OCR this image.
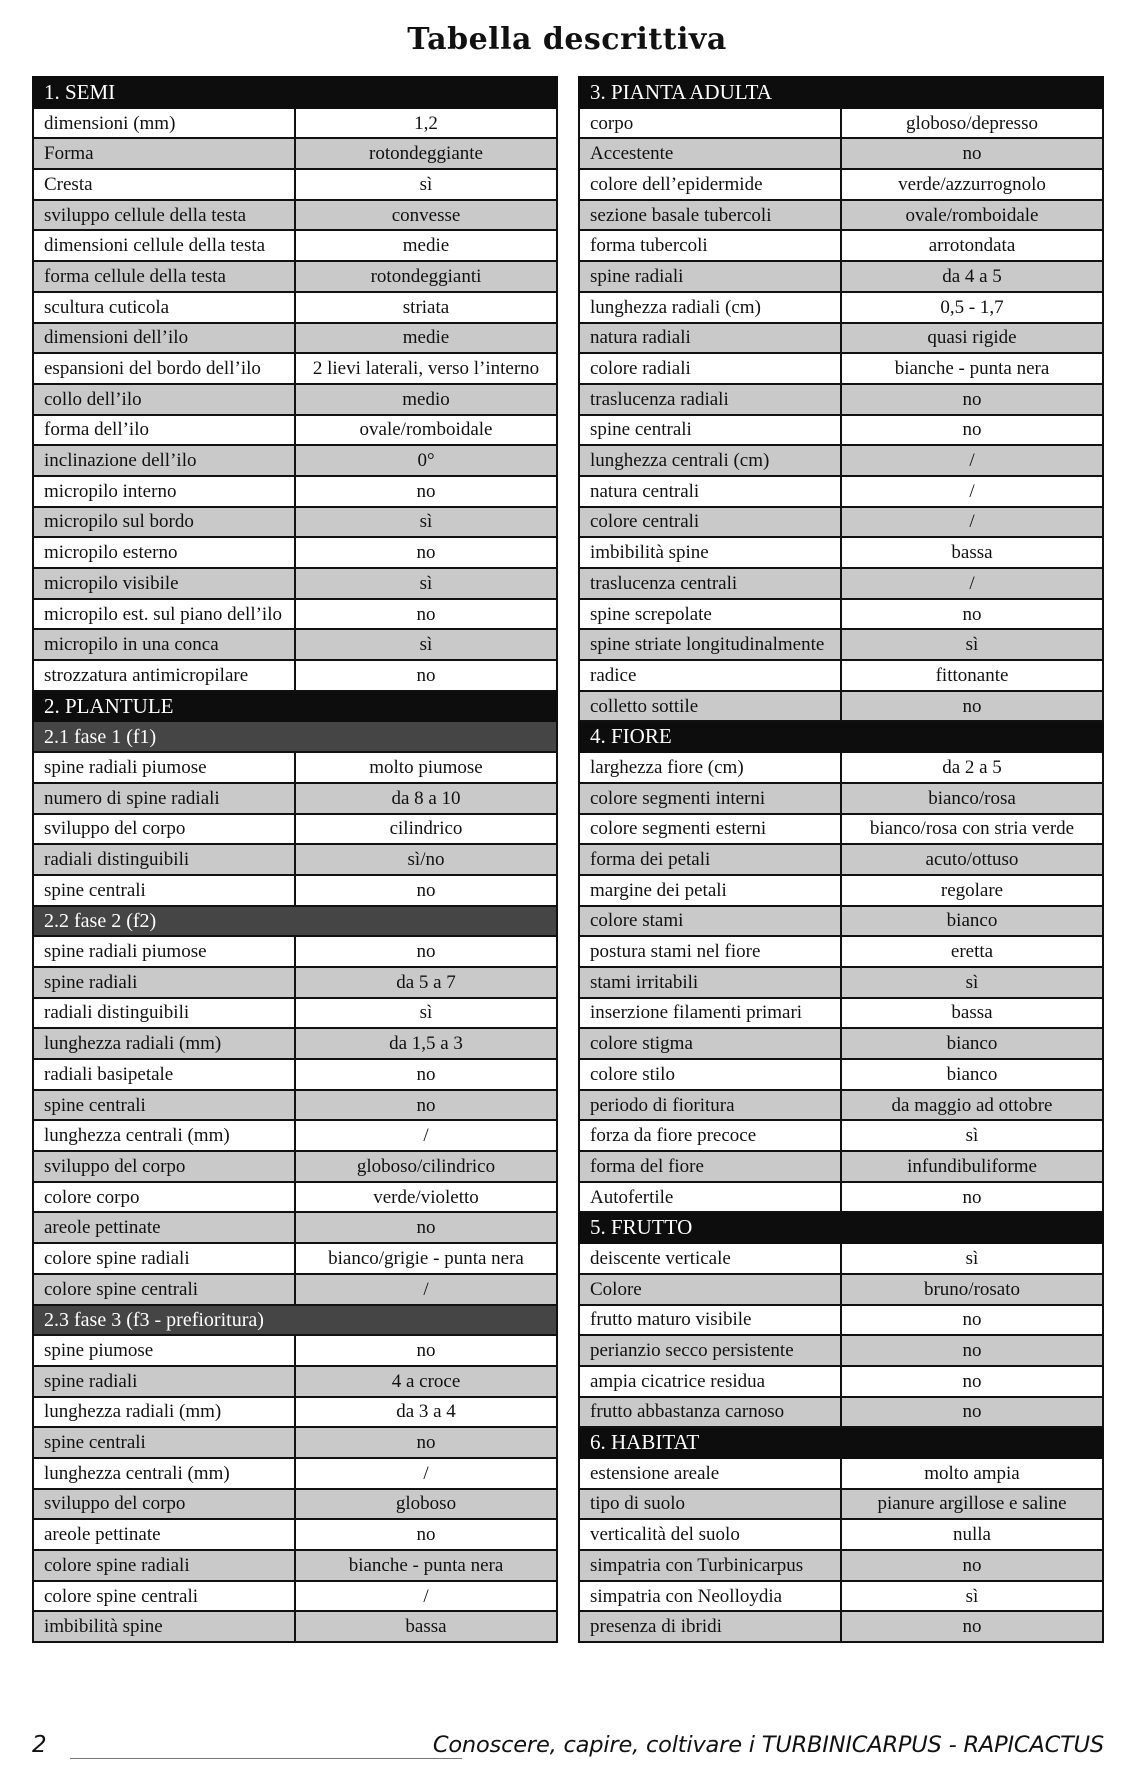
Tabella descrittiva
1. SEMI	
dimensioni (mm)	1,2
Forma	rotondeggiante
Cresta	sì
sviluppo cellule della testa	convesse
dimensioni cellule della testa	medie
forma cellule della testa	rotondeggianti
scultura cuticola	striata
dimensioni dell’ilo	medie
espansioni del bordo dell’ilo	2 lievi laterali, verso l’interno
collo dell’ilo	medio
forma dell’ilo	ovale/romboidale
inclinazione dell’ilo	0°
micropilo interno	no
micropilo sul bordo	sì
micropilo esterno	no
micropilo visibile	sì
micropilo est. sul piano dell’ilo	no
micropilo in una conca	sì
strozzatura antimicropilare	no
2. PLANTULE	
2.1 fase 1 (f1)	
spine radiali piumose	molto piumose
numero di spine radiali	da 8 a 10
sviluppo del corpo	cilindrico
radiali distinguibili	sì/no
spine centrali	no
2.2 fase 2 (f2)	
spine radiali piumose	no
spine radiali	da 5 a 7
radiali distinguibili	sì
lunghezza radiali (mm)	da 1,5 a 3
radiali basipetale	no
spine centrali	no
lunghezza centrali (mm)	/
sviluppo del corpo	globoso/cilindrico
colore corpo	verde/violetto
areole pettinate	no
colore spine radiali	bianco/grigie - punta nera
colore spine centrali	/
2.3 fase 3 (f3 - prefioritura)	
spine piumose	no
spine radiali	4 a croce
lunghezza radiali (mm)	da 3 a 4
spine centrali	no
lunghezza centrali (mm)	/
sviluppo del corpo	globoso
areole pettinate	no
colore spine radiali	bianche - punta nera
colore spine centrali	/
imbibilità spine	bassa
3. PIANTA ADULTA	
corpo	globoso/depresso
Accestente	no
colore dell’epidermide	verde/azzurrognolo
sezione basale tubercoli	ovale/romboidale
forma tubercoli	arrotondata
spine radiali	da 4 a 5
lunghezza radiali (cm)	0,5 - 1,7
natura radiali	quasi rigide
colore radiali	bianche - punta nera
traslucenza radiali	no
spine centrali	no
lunghezza centrali (cm)	/
natura centrali	/
colore centrali	/
imbibilità spine	bassa
traslucenza centrali	/
spine screpolate	no
spine striate longitudinalmente	sì
radice	fittonante
colletto sottile	no
4. FIORE	
larghezza fiore (cm)	da 2 a 5
colore segmenti interni	bianco/rosa
colore segmenti esterni	bianco/rosa con stria verde
forma dei petali	acuto/ottuso
margine dei petali	regolare
colore stami	bianco
postura stami nel fiore	eretta
stami irritabili	sì
inserzione filamenti primari	bassa
colore stigma	bianco
colore stilo	bianco
periodo di fioritura	da maggio ad ottobre
forza da fiore precoce	sì
forma del fiore	infundibuliforme
Autofertile	no
5. FRUTTO	
deiscente verticale	sì
Colore	bruno/rosato
frutto maturo visibile	no
perianzio secco persistente	no
ampia cicatrice residua	no
frutto abbastanza carnoso	no
6. HABITAT	
estensione areale	molto ampia
tipo di suolo	pianure argillose e saline
verticalità del suolo	nulla
simpatria con Turbinicarpus	no
simpatria con Neolloydia	sì
presenza di ibridi	no
2	Conoscere, capire, coltivare i TURBINICARPUS - RAPICACTUS
